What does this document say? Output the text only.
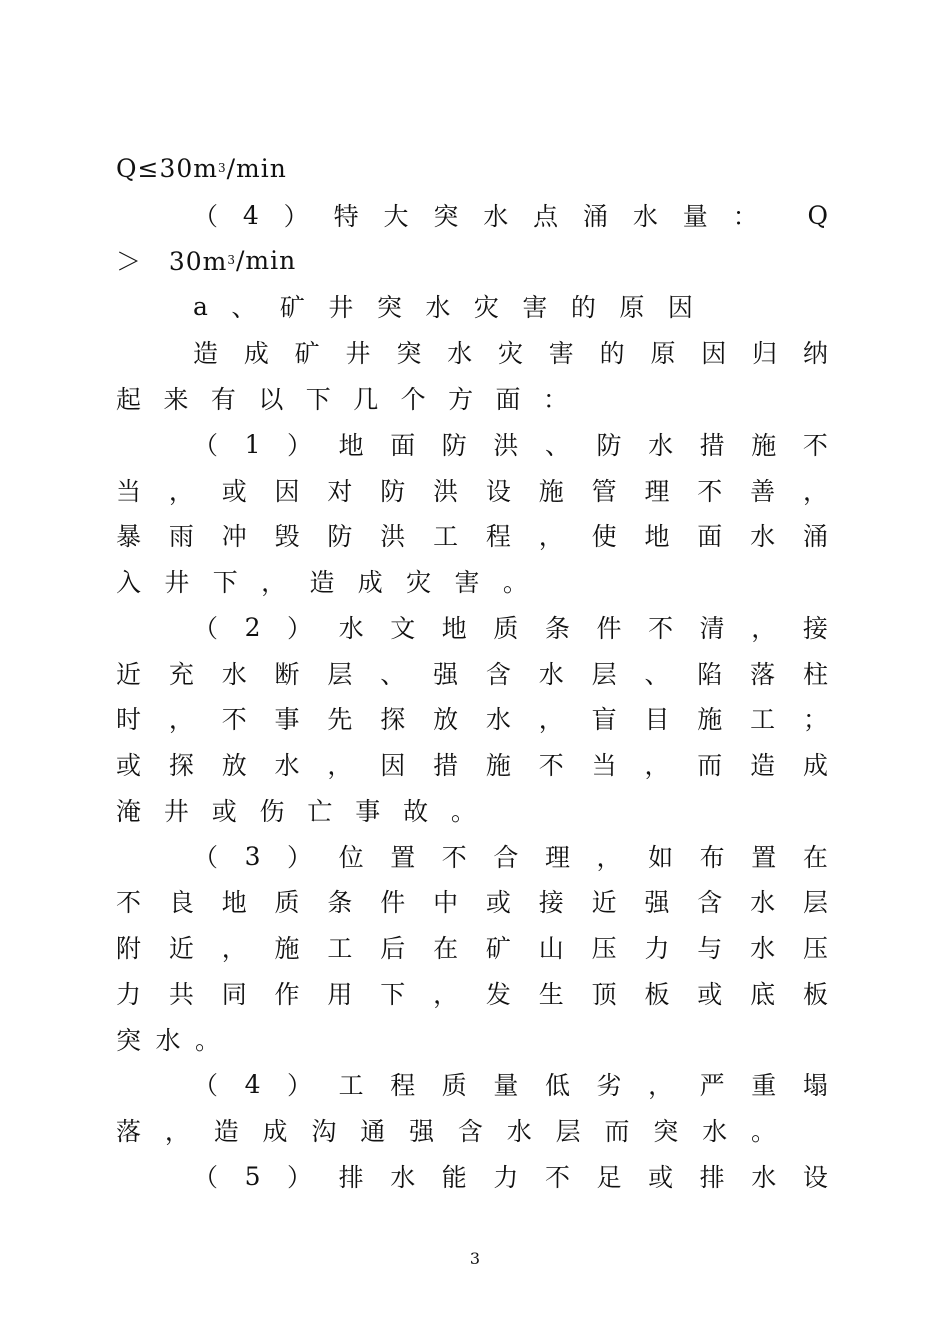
Q≤30m 3 /min
（ 4 ） 特 大 突 水 点 涌 水 量 ： Q
＞   30m 3 /min
a 、 矿 井 突 水 灾 害 的 原 因
造 成 矿 井 突 水 灾 害 的 原 因 归 纳
起 来 有 以 下 几 个 方 面 ：
（ 1 ） 地 面 防 洪 、 防 水 措 施 不
当 ， 或 因 对 防 洪 设 施 管 理 不 善 ，
暴 雨 冲 毁 防 洪 工 程 ， 使 地 面 水 涌
入 井 下 ， 造 成 灾 害 。
（ 2 ） 水 文 地 质 条 件 不 清 ， 接
近 充 水 断 层 、 强 含 水 层 、 陷 落 柱
时 ， 不 事 先 探 放 水 ， 盲 目 施 工 ；
或 探 放 水 ， 因 措 施 不 当 ， 而 造 成
淹 井 或 伤 亡 事 故 。
（ 3 ） 位 置 不 合 理 ， 如 布 置 在
不 良 地 质 条 件 中 或 接 近 强 含 水 层
附 近 ， 施 工 后 在 矿 山 压 力 与 水 压
力 共 同 作 用 下 ， 发 生 顶 板 或 底 板
突 水 。
（ 4 ） 工 程 质 量 低 劣 ， 严 重 塌
落 ， 造 成 沟 通 强 含 水 层 而 突 水 。
（ 5 ） 排 水 能 力 不 足 或 排 水 设
3
